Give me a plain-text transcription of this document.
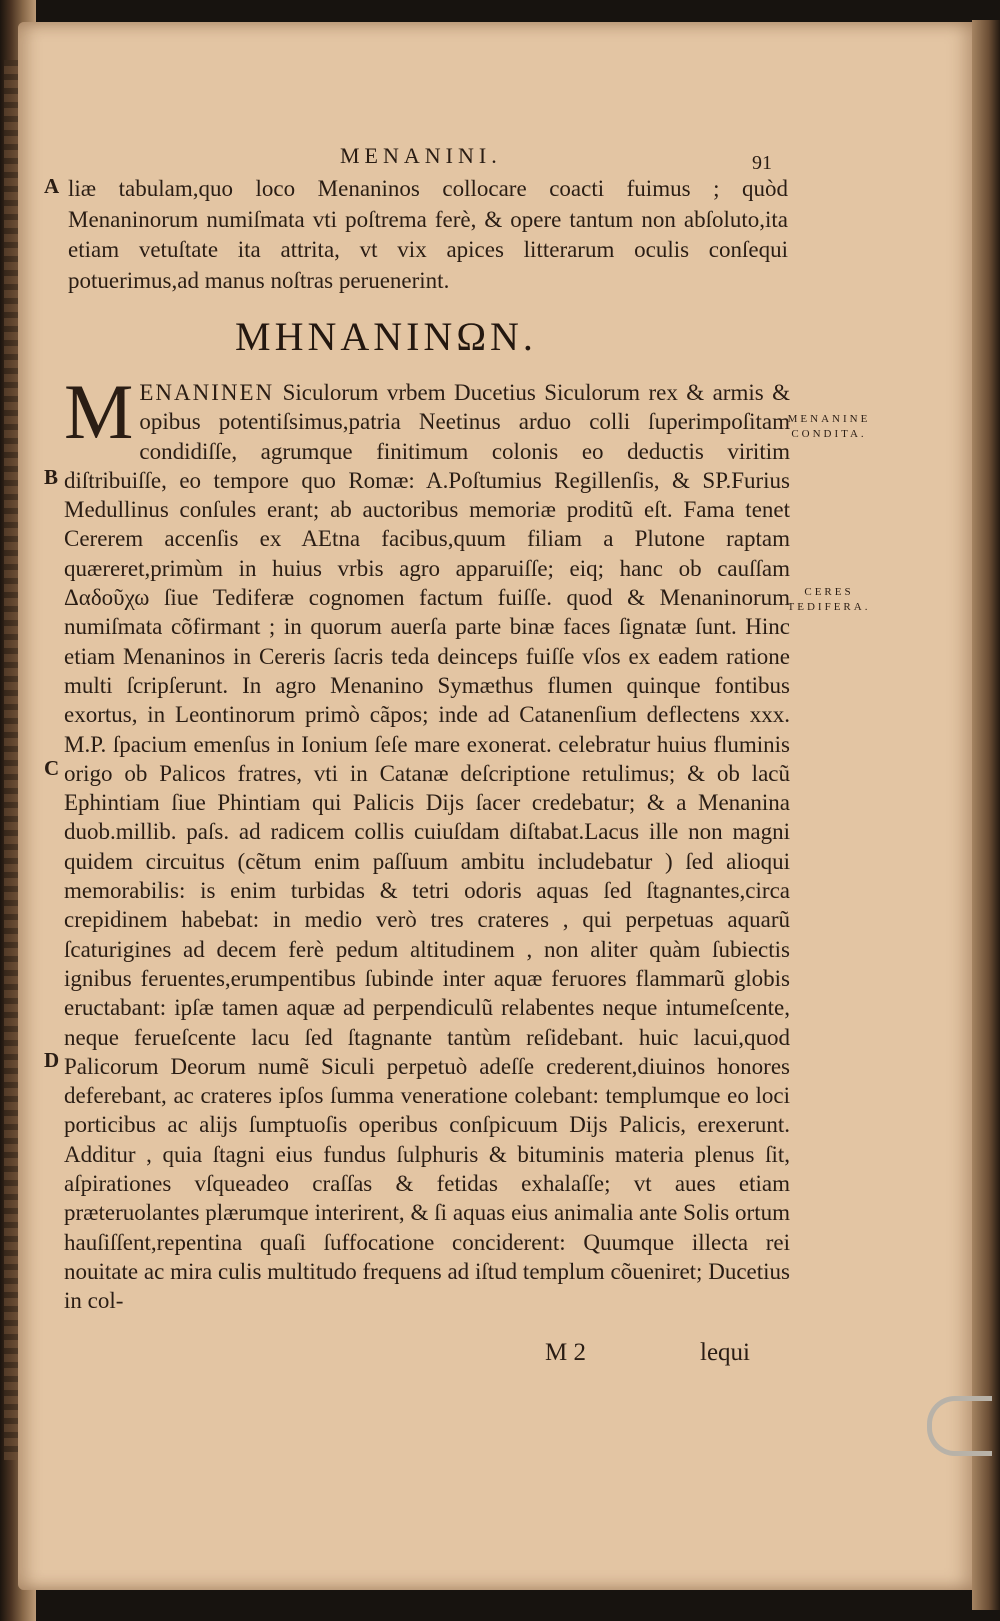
MENANINI.	91
liæ tabulam,quo loco Menaninos collocare coacti fuimus ; quòd Menaninorum numiſmata vti poſtrema ferè, & opere tantum non abſoluto,ita etiam vetuſtate ita attrita, vt vix apices litterarum oculis conſequi potuerimus,ad manus noſtras peruenerint.
ΜΗΝΑΝΙΝΩΝ.
MENANINEN Siculorum vrbem Ducetius Siculorum rex & armis & opibus potentiſsimus,patria Neetinus arduo colli ſuperimpoſitam condidiſſe, agrumque finitimum colonis eo deductis viritim diſtribuiſſe, eo tempore quo Romæ: A.Poſtumius Regillenſis, & SP.Furius Medullinus conſules erant; ab auctoribus memoriæ proditũ eſt. Fama tenet Cererem accenſis ex AEtna facibus,quum filiam a Plutone raptam quæreret,primùm in huius vrbis agro apparuiſſe; eiq; hanc ob cauſſam Δαδοῦχω ſiue Tediferæ cognomen factum fuiſſe. quod & Menaninorum numiſmata cõfirmant ; in quorum auerſa parte binæ faces ſignatæ ſunt. Hinc etiam Menaninos in Cereris ſacris teda deinceps fuiſſe vſos ex eadem ratione multi ſcripſerunt. In agro Menanino Symæthus flumen quinque fontibus exortus, in Leontinorum primò cãpos; inde ad Catanenſium deflectens xxx. M.P. ſpacium emenſus in Ionium ſeſe mare exonerat. celebratur huius fluminis origo ob Palicos fratres, vti in Catanæ deſcriptione retulimus; & ob lacũ Ephintiam ſiue Phintiam qui Palicis Dijs ſacer credebatur; & a Menanina duob.millib. paſs. ad radicem collis cuiuſdam diſtabat.Lacus ille non magni quidem circuitus (cẽtum enim paſſuum ambitu includebatur ) ſed alioqui memorabilis: is enim turbidas & tetri odoris aquas ſed ſtagnantes,circa crepidinem habebat: in medio verò tres crateres , qui perpetuas aquarũ ſcaturigines ad decem ferè pedum altitudinem , non aliter quàm ſubiectis ignibus feruentes,erumpentibus ſubinde inter aquæ feruores flammarũ globis eructabant: ipſæ tamen aquæ ad perpendiculũ relabentes neque intumeſcente, neque ferueſcente lacu ſed ſtagnante tantùm reſidebant. huic lacui,quod Palicorum Deorum numẽ Siculi perpetuò adeſſe crederent,diuinos honores deferebant, ac crateres ipſos ſumma veneratione colebant: templumque eo loci porticibus ac alijs ſumptuoſis operibus conſpicuum Dijs Palicis, erexerunt. Additur , quia ſtagni eius fundus ſulphuris & bituminis materia plenus ſit, aſpirationes vſqueadeo craſſas & fetidas exhalaſſe; vt aues etiam præteruolantes plærumque interirent, & ſi aquas eius animalia ante Solis ortum hauſiſſent,repentina quaſi ſuffocatione conciderent: Quumque illecta rei nouitate ac mira culis multitudo frequens ad iſtud templum cõueniret; Ducetius in col-
A
B
C
D
MENANINE CONDITA.
CERES TEDIFERA.
M 2	lequi
